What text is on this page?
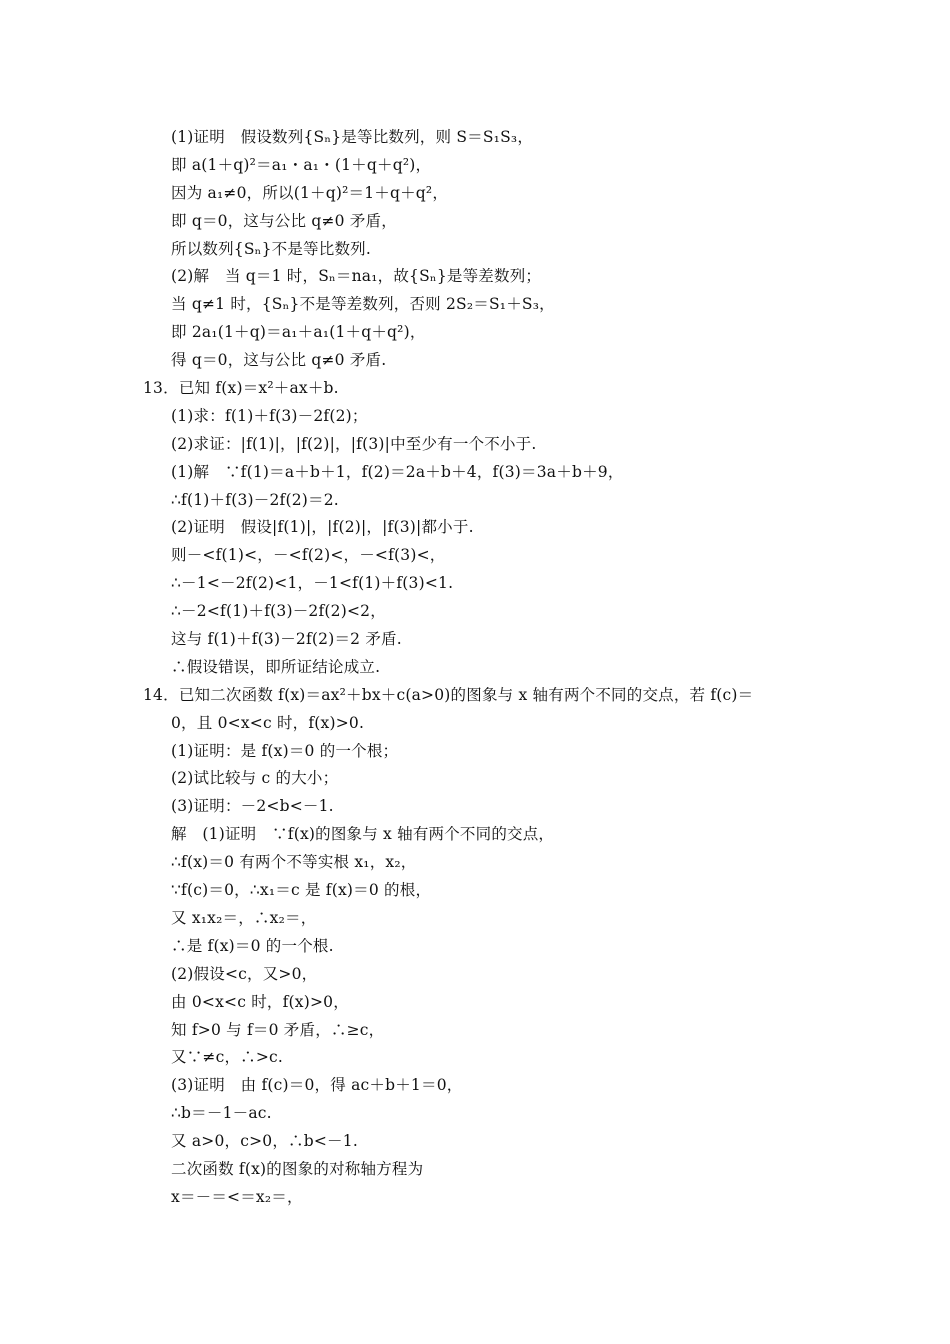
(1)证明　假设数列{Sₙ}是等比数列，则 S＝S₁S₃，
即 a(1＋q)²＝a₁・a₁・(1＋q＋q²)，
因为 a₁≠0，所以(1＋q)²＝1＋q＋q²，
即 q＝0，这与公比 q≠0 矛盾，
所以数列{Sₙ}不是等比数列.
(2)解　当 q＝1 时，Sₙ＝na₁，故{Sₙ}是等差数列；
当 q≠1 时，{Sₙ}不是等差数列，否则 2S₂＝S₁＋S₃，
即 2a₁(1＋q)＝a₁＋a₁(1＋q＋q²)，
得 q＝0，这与公比 q≠0 矛盾.
13．已知 f(x)＝x²＋ax＋b.
(1)求：f(1)＋f(3)－2f(2)；
(2)求证：|f(1)|，|f(2)|，|f(3)|中至少有一个不小于.
(1)解　∵f(1)＝a＋b＋1，f(2)＝2a＋b＋4，f(3)＝3a＋b＋9，
∴f(1)＋f(3)－2f(2)＝2.
(2)证明　假设|f(1)|，|f(2)|，|f(3)|都小于.
则－<f(1)<，－<f(2)<，－<f(3)<，
∴－1<－2f(2)<1，－1<f(1)＋f(3)<1.
∴－2<f(1)＋f(3)－2f(2)<2，
这与 f(1)＋f(3)－2f(2)＝2 矛盾.
∴假设错误，即所证结论成立.
14．已知二次函数 f(x)＝ax²＋bx＋c(a>0)的图象与 x 轴有两个不同的交点，若 f(c)＝
0，且 0<x<c 时，f(x)>0.
(1)证明：是 f(x)＝0 的一个根；
(2)试比较与 c 的大小；
(3)证明：－2<b<－1.
解　(1)证明　∵f(x)的图象与 x 轴有两个不同的交点，
∴f(x)＝0 有两个不等实根 x₁，x₂，
∵f(c)＝0，∴x₁＝c 是 f(x)＝0 的根，
又 x₁x₂＝，∴x₂＝，
∴是 f(x)＝0 的一个根.
(2)假设<c，又>0，
由 0<x<c 时，f(x)>0，
知 f>0 与 f＝0 矛盾，∴≥c，
又∵≠c，∴>c.
(3)证明　由 f(c)＝0，得 ac＋b＋1＝0，
∴b＝－1－ac.
又 a>0，c>0，∴b<－1.
二次函数 f(x)的图象的对称轴方程为
x＝－＝<＝x₂＝，
